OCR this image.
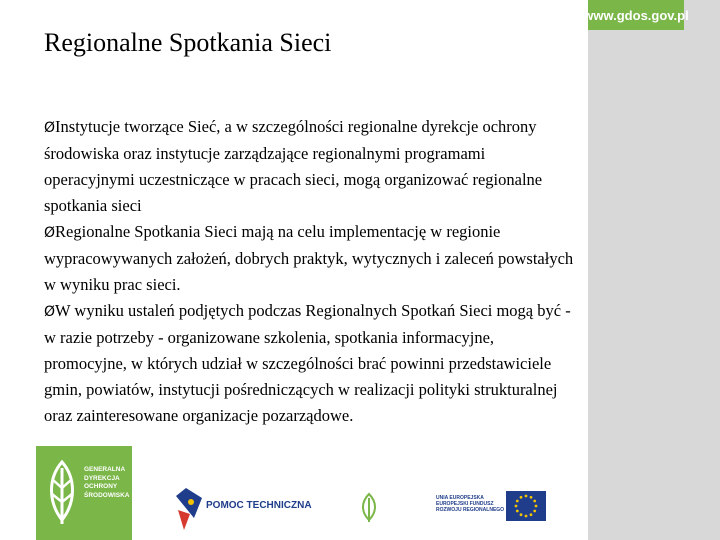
www.gdos.gov.pl
Regionalne Spotkania Sieci

ØInstytucje tworzące Sieć, a w szczególności regionalne dyrekcje ochrony środowiska oraz instytucje zarządzające regionalnymi programami operacyjnymi uczestniczące w pracach sieci, mogą organizować regionalne spotkania sieci

ØRegionalne Spotkania Sieci mają na celu implementację w regionie wypracowywanych założeń, dobrych praktyk, wytycznych i zaleceń powstałych w wyniku prac sieci.

ØW wyniku ustaleń podjętych podczas Regionalnych Spotkań Sieci mogą być - w razie potrzeby - organizowane szkolenia, spotkania informacyjne, promocyjne, w których udział w szczególności brać powinni przedstawiciele gmin, powiatów, instytucji pośredniczących w realizacji polityki strukturalnej oraz zainteresowane organizacje pozarządowe.

GENERALNA
DYREKCJA
OCHRONY
ŚRODOWISKA
POMOC TECHNICZNA
UNIA EUROPEJSKA
EUROPEJSKI FUNDUSZ
ROZWOJU REGIONALNEGO
